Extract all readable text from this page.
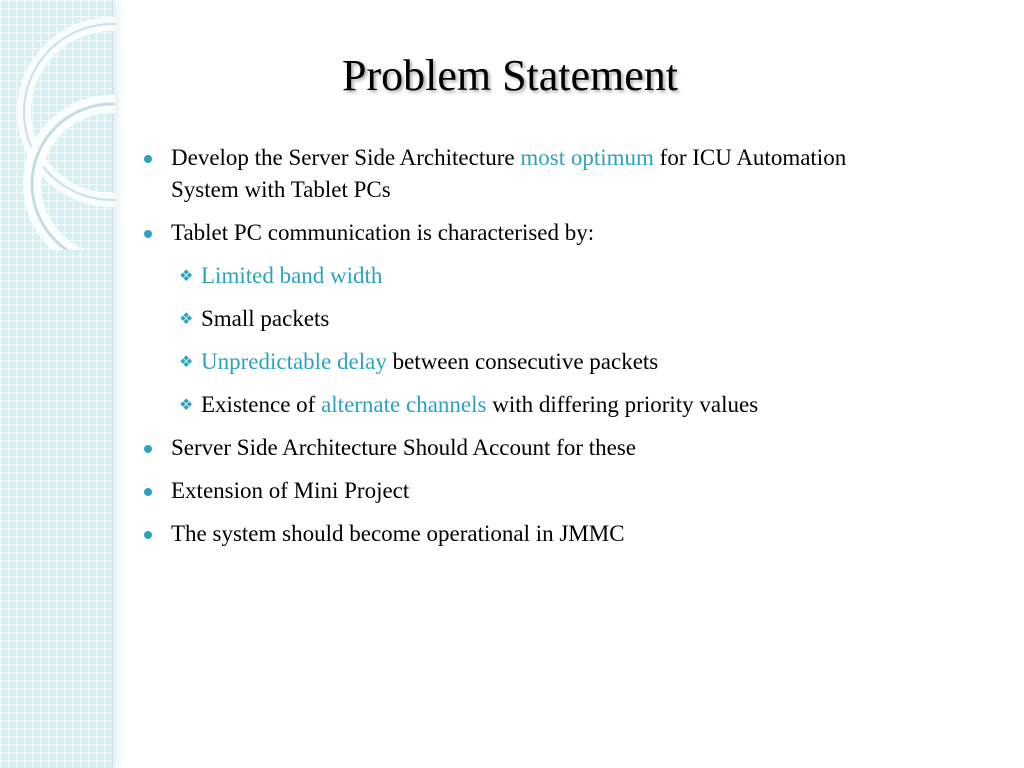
Problem Statement
Develop the Server Side Architecture most optimum for ICU Automation System with Tablet PCs
Tablet PC communication is characterised by:
❖ Limited band width
❖ Small packets
❖ Unpredictable delay between consecutive packets
❖ Existence of alternate channels with differing priority values
Server Side Architecture Should Account for these
Extension of Mini Project
The system should become operational in JMMC
